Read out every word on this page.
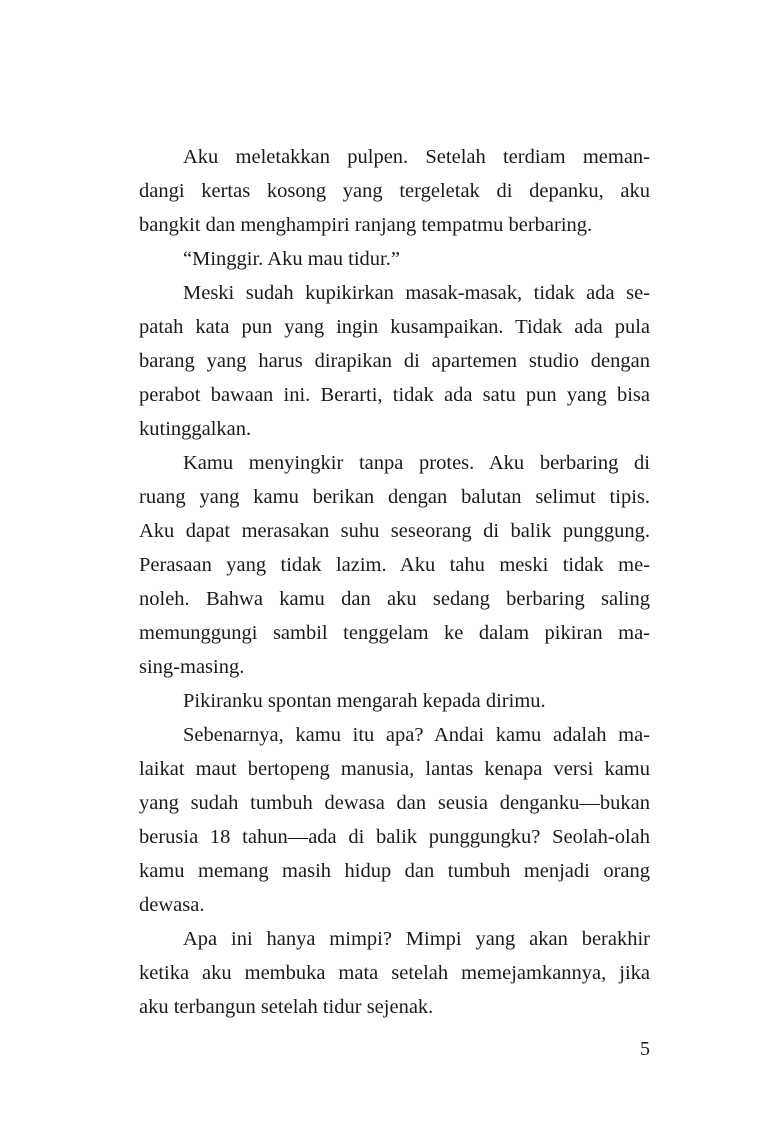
Aku meletakkan pulpen. Setelah terdiam meman-
dangi kertas kosong yang tergeletak di depanku, aku
bangkit dan menghampiri ranjang tempatmu berbaring.
“Minggir. Aku mau tidur.”
Meski sudah kupikirkan masak-masak, tidak ada se-
patah kata pun yang ingin kusampaikan. Tidak ada pula
barang yang harus dirapikan di apartemen studio dengan
perabot bawaan ini. Berarti, tidak ada satu pun yang bisa
kutinggalkan.
Kamu menyingkir tanpa protes. Aku berbaring di
ruang yang kamu berikan dengan balutan selimut tipis.
Aku dapat merasakan suhu seseorang di balik punggung.
Perasaan yang tidak lazim. Aku tahu meski tidak me-
noleh. Bahwa kamu dan aku sedang berbaring saling
memunggungi sambil tenggelam ke dalam pikiran ma-
sing-masing.
Pikiranku spontan mengarah kepada dirimu.
Sebenarnya, kamu itu apa? Andai kamu adalah ma-
laikat maut bertopeng manusia, lantas kenapa versi kamu
yang sudah tumbuh dewasa dan seusia denganku—bukan
berusia 18 tahun—ada di balik punggungku? Seolah-olah
kamu memang masih hidup dan tumbuh menjadi orang
dewasa.
Apa ini hanya mimpi? Mimpi yang akan berakhir
ketika aku membuka mata setelah memejamkannya, jika
aku terbangun setelah tidur sejenak.
5
